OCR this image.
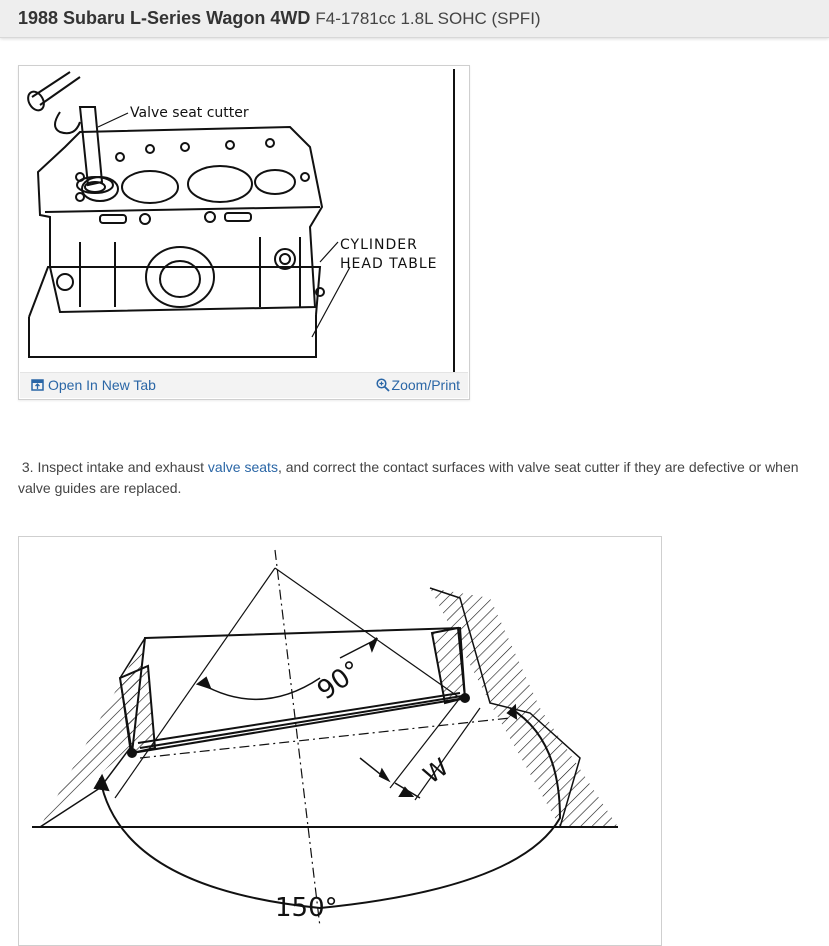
1988 Subaru L-Series Wagon 4WD F4-1781cc 1.8L SOHC (SPFI)
Valve seat cutter
CYLINDER
HEAD TABLE
Open In New Tab	Zoom/Print

3. Inspect intake and exhaust valve seats, and correct the contact surfaces with valve seat cutter if they are defective or when valve guides are replaced.

90°
150°
W
